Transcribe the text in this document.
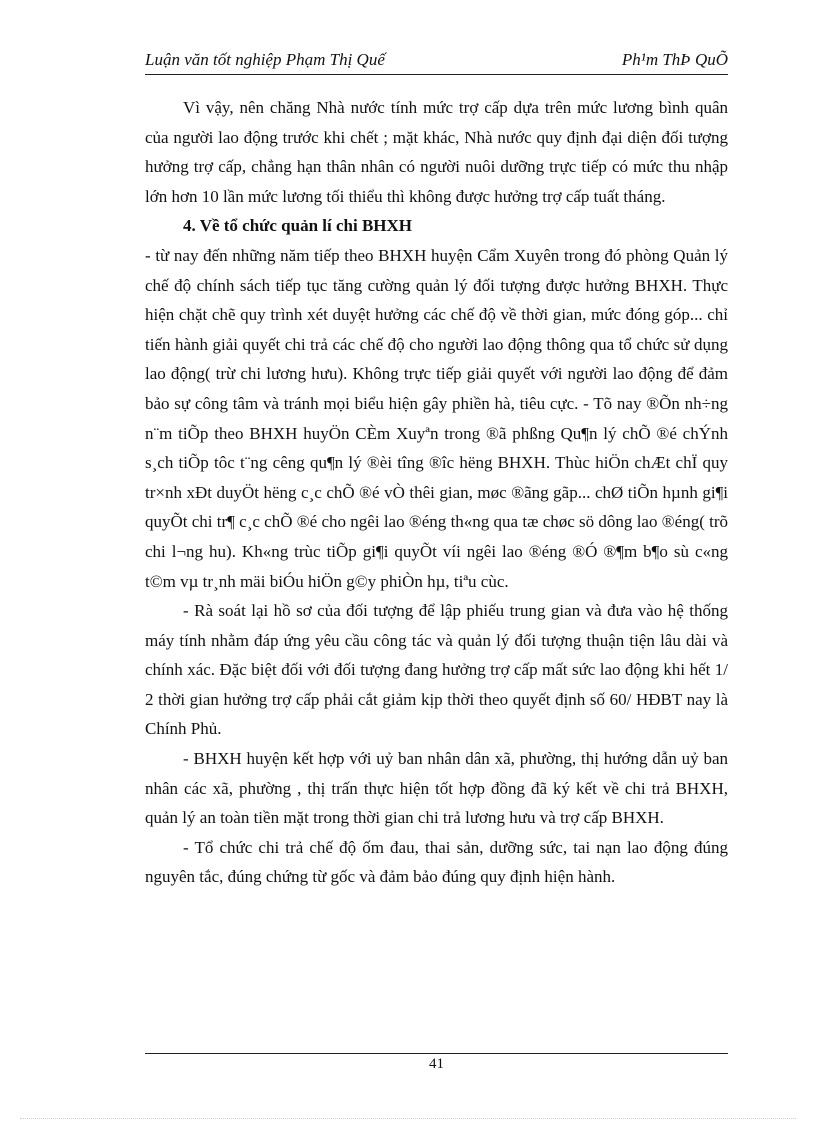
Luận văn tốt nghiệp Phạm Thị Quế	Ph¹m ThÞ QuÕ

Vì vậy, nên chăng Nhà nước tính mức trợ cấp dựa trên mức lương bình quân của người lao động trước khi chết ; mặt khác, Nhà nước quy định đại diện đối tượng hưởng trợ cấp, chẳng hạn thân nhân có người nuôi dưỡng trực tiếp có mức thu nhập lớn hơn 10 lần mức lương tối thiểu thì không được hưởng trợ cấp tuất tháng.

4. Về tổ chức quản lí chi BHXH

- từ nay đến những năm tiếp theo BHXH huyện Cẩm Xuyên trong đó phòng Quản lý chế độ chính sách tiếp tục tăng cường quản lý đối tượng được hưởng BHXH. Thực hiện chặt chẽ quy trình xét duyệt hưởng các chế độ về thời gian, mức đóng góp... chỉ tiến hành giải quyết chi trả các chế độ cho người lao động thông qua tổ chức sử dụng lao động( trừ chi lương hưu). Không trực tiếp giải quyết với người lao động để đảm bảo sự công tâm và tránh mọi biểu hiện gây phiền hà, tiêu cực. - Tõ nay ®Õn nh÷ng n¨m tiÕp theo BHXH huyÖn CÈm Xuyªn trong ®ã phßng Qu¶n lý chÕ ®é chÝnh s¸ch tiÕp tôc t¨ng cêng qu¶n lý ®èi tîng ®îc hëng BHXH. Thùc hiÖn chÆt chÏ quy tr×nh xÐt duyÖt hëng c¸c chÕ ®é vÒ thêi gian, møc ®ãng gãp... chØ tiÕn hµnh gi¶i quyÕt chi tr¶ c¸c chÕ ®é cho ngêi lao ®éng th«ng qua tæ chøc sö dông lao ®éng( trõ chi l¬ng hu). Kh«ng trùc tiÕp gi¶i quyÕt víi ngêi lao ®éng ®Ó ®¶m b¶o sù c«ng t©m vµ tr¸nh mäi biÓu hiÖn g©y phiÒn hµ, tiªu cùc.

- Rà soát lại hồ sơ của đối tượng để lập phiếu trung gian và đưa vào hệ thống máy tính nhằm đáp ứng yêu cầu công tác và quản lý đối tượng thuận tiện lâu dài và chính xác. Đặc biệt đối với đối tượng đang hưởng trợ cấp mất sức lao động khi hết 1/ 2 thời gian hưởng trợ cấp phải cắt giảm kịp thời theo quyết định số 60/ HĐBT nay là Chính Phủ.

- BHXH huyện kết hợp với uỷ ban nhân dân xã, phường, thị hướng dẫn uỷ ban nhân các xã, phường , thị trấn thực hiện tốt hợp đồng đã ký kết về chi trả BHXH, quản lý an toàn tiền mặt trong thời gian chi trả lương hưu và trợ cấp BHXH.

- Tổ chức chi trả chế độ ốm đau, thai sản, dưỡng sức, tai nạn lao động đúng nguyên tắc, đúng chứng từ gốc và đảm bảo đúng quy định hiện hành.

41
